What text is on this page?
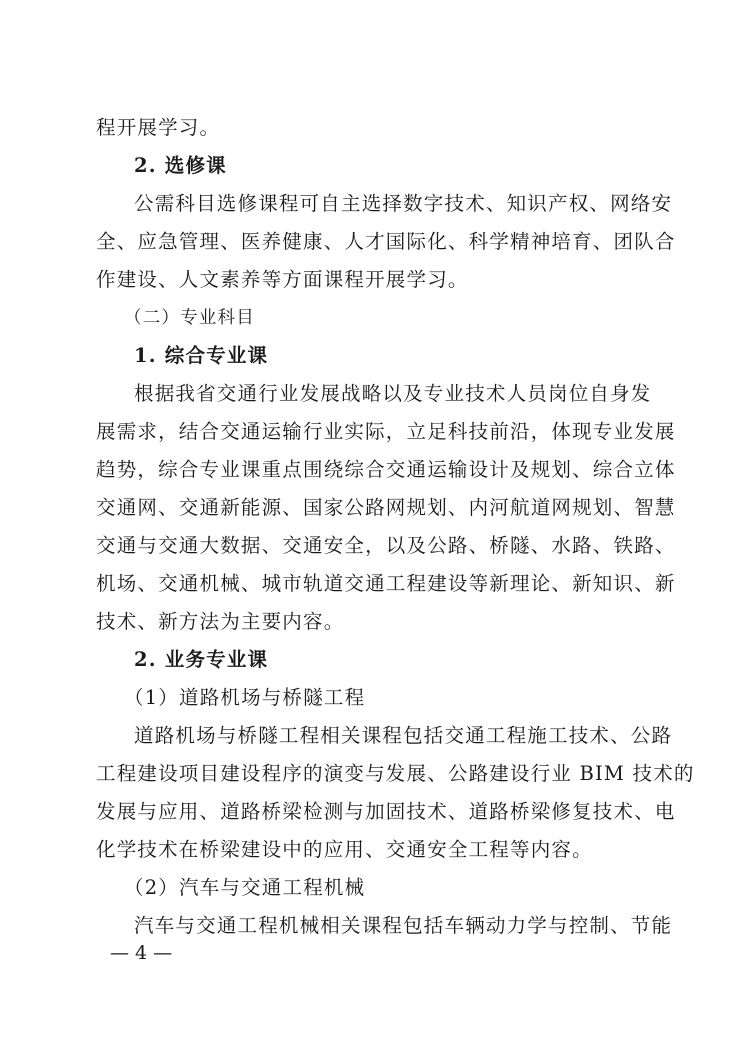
程开展学习。
2. 选修课
公需科目选修课程可自主选择数字技术、知识产权、网络安
全、应急管理、医养健康、人才国际化、科学精神培育、团队合
作建设、人文素养等方面课程开展学习。
（二）专业科目
1. 综合专业课
根据我省交通行业发展战略以及专业技术人员岗位自身发
展需求，结合交通运输行业实际，立足科技前沿，体现专业发展
趋势，综合专业课重点围绕综合交通运输设计及规划、综合立体
交通网、交通新能源、国家公路网规划、内河航道网规划、智慧
交通与交通大数据、交通安全，以及公路、桥隧、水路、铁路、
机场、交通机械、城市轨道交通工程建设等新理论、新知识、新
技术、新方法为主要内容。
2. 业务专业课
（1）道路机场与桥隧工程
道路机场与桥隧工程相关课程包括交通工程施工技术、公路
工程建设项目建设程序的演变与发展、公路建设行业 BIM 技术的
发展与应用、道路桥梁检测与加固技术、道路桥梁修复技术、电
化学技术在桥梁建设中的应用、交通安全工程等内容。
（2）汽车与交通工程机械
汽车与交通工程机械相关课程包括车辆动力学与控制、节能
— 4 —
